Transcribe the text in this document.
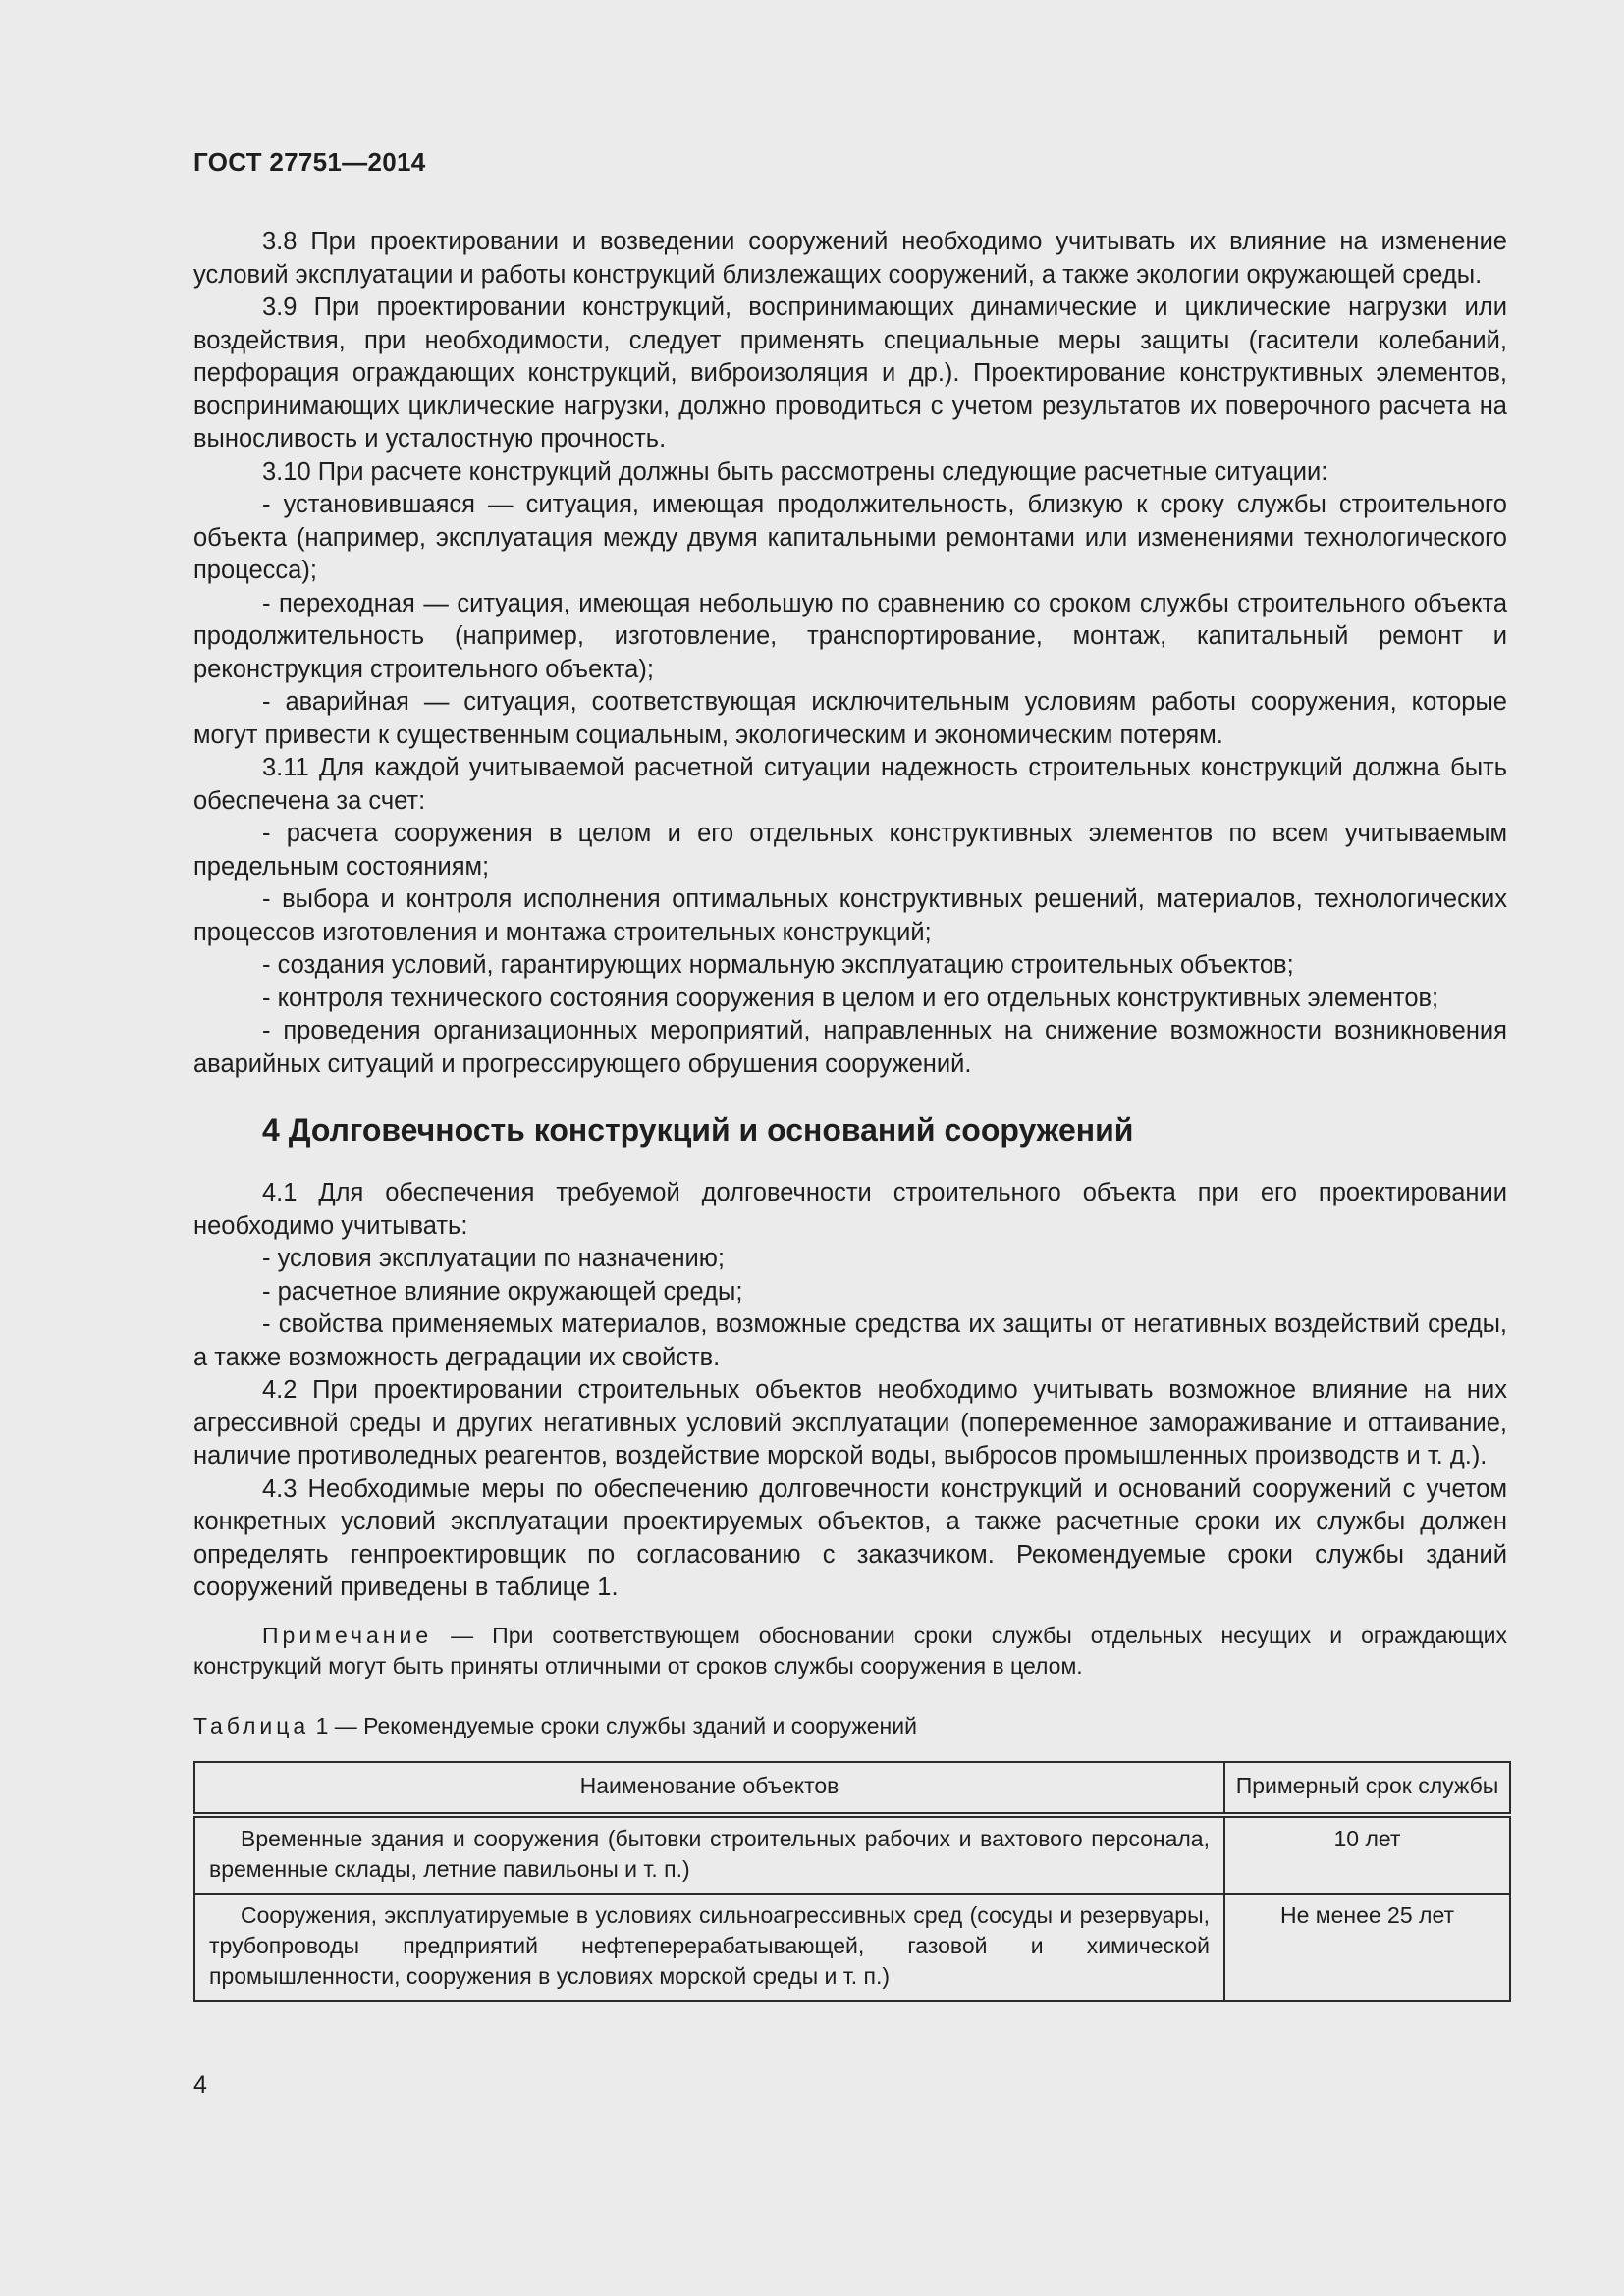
ГОСТ 27751—2014

3.8 При проектировании и возведении сооружений необходимо учитывать их влияние на изменение условий эксплуатации и работы конструкций близлежащих сооружений, а также экологии окружающей среды.

3.9 При проектировании конструкций, воспринимающих динамические и циклические нагрузки или воздействия, при необходимости, следует применять специальные меры защиты (гасители колебаний, перфорация ограждающих конструкций, виброизоляция и др.). Проектирование конструктивных элементов, воспринимающих циклические нагрузки, должно проводиться с учетом результатов их поверочного расчета на выносливость и усталостную прочность.

3.10 При расчете конструкций должны быть рассмотрены следующие расчетные ситуации:

- установившаяся — ситуация, имеющая продолжительность, близкую к сроку службы строительного объекта (например, эксплуатация между двумя капитальными ремонтами или изменениями технологического процесса);

- переходная — ситуация, имеющая небольшую по сравнению со сроком службы строительного объекта продолжительность (например, изготовление, транспортирование, монтаж, капитальный ремонт и реконструкция строительного объекта);

- аварийная — ситуация, соответствующая исключительным условиям работы сооружения, которые могут привести к существенным социальным, экологическим и экономическим потерям.

3.11 Для каждой учитываемой расчетной ситуации надежность строительных конструкций должна быть обеспечена за счет:

- расчета сооружения в целом и его отдельных конструктивных элементов по всем учитываемым предельным состояниям;

- выбора и контроля исполнения оптимальных конструктивных решений, материалов, технологических процессов изготовления и монтажа строительных конструкций;

- создания условий, гарантирующих нормальную эксплуатацию строительных объектов;

- контроля технического состояния сооружения в целом и его отдельных конструктивных элементов;

- проведения организационных мероприятий, направленных на снижение возможности возникновения аварийных ситуаций и прогрессирующего обрушения сооружений.

4 Долговечность конструкций и оснований сооружений

4.1 Для обеспечения требуемой долговечности строительного объекта при его проектировании необходимо учитывать:

- условия эксплуатации по назначению;

- расчетное влияние окружающей среды;

- свойства применяемых материалов, возможные средства их защиты от негативных воздействий среды, а также возможность деградации их свойств.

4.2 При проектировании строительных объектов необходимо учитывать возможное влияние на них агрессивной среды и других негативных условий эксплуатации (попеременное замораживание и оттаивание, наличие противоледных реагентов, воздействие морской воды, выбросов промышленных производств и т. д.).

4.3 Необходимые меры по обеспечению долговечности конструкций и оснований сооружений с учетом конкретных условий эксплуатации проектируемых объектов, а также расчетные сроки их службы должен определять генпроектировщик по согласованию с заказчиком. Рекомендуемые сроки службы зданий сооружений приведены в таблице 1.

Примечание — При соответствующем обосновании сроки службы отдельных несущих и ограждающих конструкций могут быть приняты отличными от сроков службы сооружения в целом.

Таблица 1 — Рекомендуемые сроки службы зданий и сооружений

Наименование объектов	Примерный срок службы

Временные здания и сооружения (бытовки строительных рабочих и вахтового персонала, временные склады, летние павильоны и т. п.)	10 лет

Сооружения, эксплуатируемые в условиях сильноагрессивных сред (сосуды и резервуары, трубопроводы предприятий нефтеперерабатывающей, газовой и химической промышленности, сооружения в условиях морской среды и т. п.)	Не менее 25 лет
4
